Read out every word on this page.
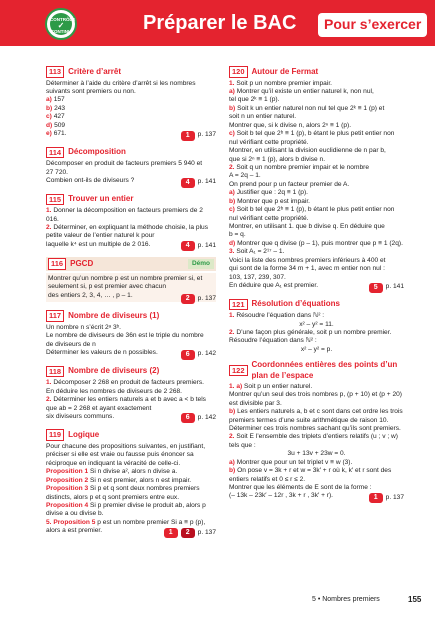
CONTRÔLE
✓
CONTINU	Préparer le BAC	Pour s’exercer
113 Critère d’arrêt
Déterminer à l’aide du critère d’arrêt si les nombres
suivants sont premiers ou non.
a) 157
b) 243
c) 427
d) 509
e) 671.	1	p. 137
114 Décomposition
Décomposer en produit de facteurs premiers 5 940 et
27 720.
Combien ont-ils de diviseurs ?	4	p. 141
115 Trouver un entier
1. Donner la décomposition en facteurs premiers de 2 016.
2. Déterminer, en expliquant la méthode choisie, la plus
petite valeur de l’entier naturel k pour
laquelle k⁴ est un multiple de 2 016.	4	p. 141
116 PGCD	Démo
Montrer qu’un nombre p est un nombre premier si, et
seulement si, p est premier avec chacun
des entiers 2, 3, 4, … , p – 1.	2	p. 137
117 Nombre de diviseurs (1)
Un nombre n s’écrit 2ᵃ 3ᵇ.
Le nombre de diviseurs de 36n est le triple du nombre
de diviseurs de n
Déterminer les valeurs de n possibles.	6	p. 142
118 Nombre de diviseurs (2)
1. Décomposer 2 268 en produit de facteurs premiers.
En déduire les nombres de diviseurs de 2 268.
2. Déterminer les entiers naturels a et b avec a < b tels
que ab = 2 268 et ayant exactement
six diviseurs communs.	6	p. 142
119 Logique
Pour chacune des propositions suivantes, en justifiant,
préciser si elle est vraie ou fausse puis énoncer sa
réciproque en indiquant la véracité de celle-ci.
Proposition 1 Si n divise a², alors n divise a.
Proposition 2 Si n est premier, alors n est impair.
Proposition 3 Si p et q sont deux nombres premiers
distincts, alors p et q sont premiers entre eux.
Proposition 4 Si p premier divise le produit ab, alors p
divise a ou divise b.
5. Proposition 5 p est un nombre premier Si a ≡ p (p),
alors a est premier.	1	2	p. 137
120 Autour de Fermat
1. Soit p un nombre premier impair.
a) Montrer qu’il existe un entier naturel k, non nul,
tel que 2ᵏ ≡ 1 (p).
b) Soit k un entier naturel non nul tel que 2ᵏ ≡ 1 (p) et
soit n un entier naturel.
Montrer que, si k divise n, alors 2ⁿ ≡ 1 (p).
c) Soit b tel que 2ᵇ ≡ 1 (p), b étant le plus petit entier non
nul vérifiant cette propriété.
Montrer, en utilisant la division euclidienne de n par b,
que si 2ⁿ ≡ 1 (p), alors b divise n.
2. Soit q un nombre premier impair et le nombre
A = 2q – 1.
On prend pour p un facteur premier de A.
a) Justifier que : 2q ≡ 1 (p).
b) Montrer que p est impair.
c) Soit b tel que 2ᵇ ≡ 1 (p), b étant le plus petit entier non
nul vérifiant cette propriété.
Montrer, en utilisant 1. que b divise q. En déduire que
b = q.
d) Montrer que q divise (p – 1), puis montrer que p ≡ 1 (2q).
3. Soit A₁ = 2¹⁷ – 1.
Voici la liste des nombres premiers inférieurs à 400 et
qui sont de la forme 34 m + 1, avec m entier non nul :
103, 137, 239, 307.
En déduire que A₁ est premier.	5	p. 141
121 Résolution d’équations
1. Résoudre l’équation dans ℕ² :
x² – y² = 11.
2. D’une façon plus générale, soit p un nombre premier.
Résoudre l’équation dans ℕ² :
x² – y² = p.
122
Coordonnées entières des points d’un plan de l’espace
1. a) Soit p un entier naturel.
Montrer qu’un seul des trois nombres p, (p + 10) et (p + 20)
est divisible par 3.
b) Les entiers naturels a, b et c sont dans cet ordre les trois
premiers termes d’une suite arithmétique de raison 10.
Déterminer ces trois nombres sachant qu’ils sont premiers.
2. Soit E l’ensemble des triplets d’entiers relatifs (u ; v ; w)
tels que :
3u + 13v + 23w = 0.
a) Montrer que pour un tel triplet v ≡ w (3).
b) On pose v = 3k + r et w = 3k′ + r où k, k′ et r sont des
entiers relatifs et 0 ≤ r ≤ 2.
Montrer que les éléments de E sont de la forme :
(– 13k – 23k′ – 12r , 3k + r , 3k′ + r).	1	p. 137
5 • Nombres premiers	155
